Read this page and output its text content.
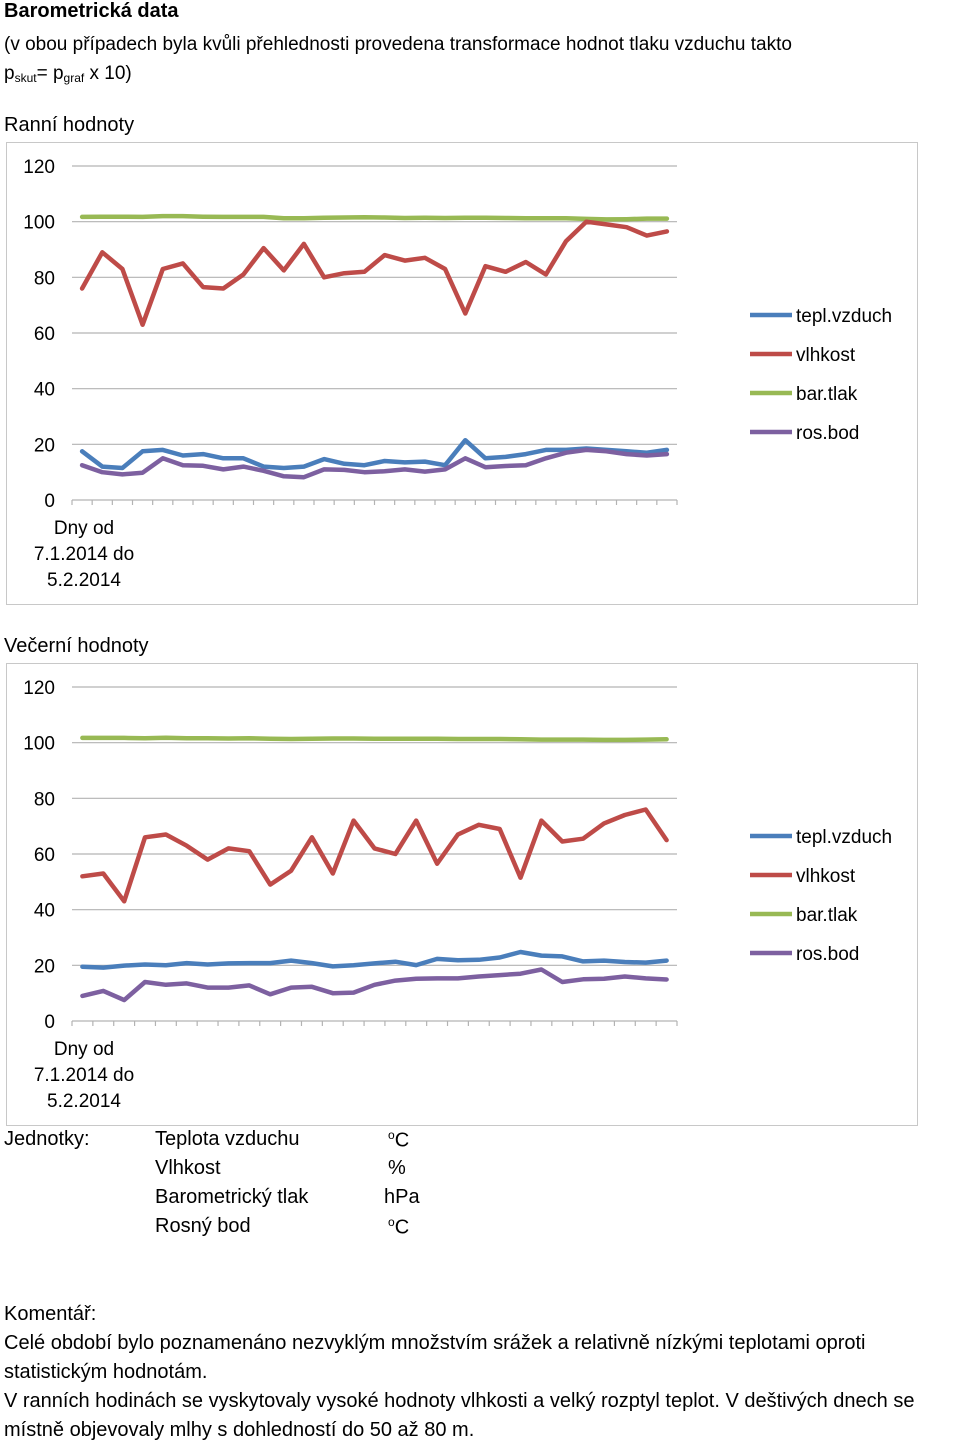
Barometrická data
(v obou případech byla kvůli přehlednosti provedena transformace hodnot tlaku vzduchu takto
$p_{skut}= p_{graf}$ x 10)
Ranní hodnoty
0
20
40
60
80
100
120
Dny od
7.1.2014 do
5.2.2014
tepl.vzduch
vlhkost
bar.tlak
ros.bod
Večerní hodnoty
0
20
40
60
80
100
120
Dny od
7.1.2014 do
5.2.2014
tepl.vzduch
vlhkost
bar.tlak
ros.bod
Jednotky:	Teplota vzduchu	$^o$C
Vlhkost	%
Barometrický tlak	hPa
Rosný bod	$^o$C

Komentář:

Celé období bylo poznamenáno nezvyklým množstvím srážek a relativně nízkými teplotami oproti statistickým hodnotám.

V ranních hodinách se vyskytovaly vysoké hodnoty vlhkosti a velký rozptyl teplot. V deštivých dnech se místně objevovaly mlhy s dohledností do 50 až 80 m.
